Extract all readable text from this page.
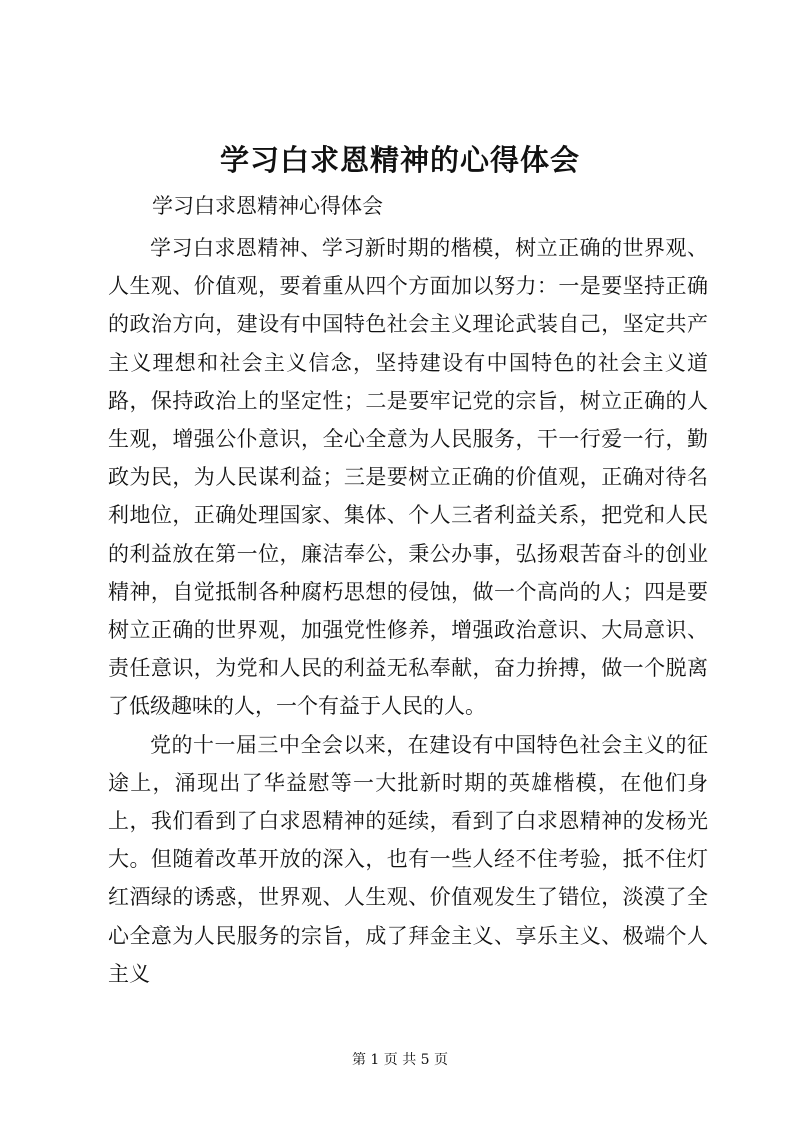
学习白求恩精神的心得体会
学习白求恩精神心得体会

学习白求恩精神、学习新时期的楷模，树立正确的世界观、人生观、价值观，要着重从四个方面加以努力：一是要坚持正确的政治方向，建设有中国特色社会主义理论武装自己，坚定共产主义理想和社会主义信念，坚持建设有中国特色的社会主义道路，保持政治上的坚定性；二是要牢记党的宗旨，树立正确的人生观，增强公仆意识，全心全意为人民服务，干一行爱一行，勤政为民，为人民谋利益；三是要树立正确的价值观，正确对待名利地位，正确处理国家、集体、个人三者利益关系，把党和人民的利益放在第一位，廉洁奉公，秉公办事，弘扬艰苦奋斗的创业精神，自觉抵制各种腐朽思想的侵蚀，做一个高尚的人；四是要树立正确的世界观，加强党性修养，增强政治意识、大局意识、责任意识，为党和人民的利益无私奉献，奋力拚搏，做一个脱离了低级趣味的人，一个有益于人民的人。

党的十一届三中全会以来，在建设有中国特色社会主义的征途上，涌现出了华益慰等一大批新时期的英雄楷模，在他们身上，我们看到了白求恩精神的延续，看到了白求恩精神的发杨光大。但随着改革开放的深入，也有一些人经不住考验，抵不住灯红酒绿的诱惑，世界观、人生观、价值观发生了错位，淡漠了全心全意为人民服务的宗旨，成了拜金主义、享乐主义、极端个人主义

第 1 页 共 5 页
